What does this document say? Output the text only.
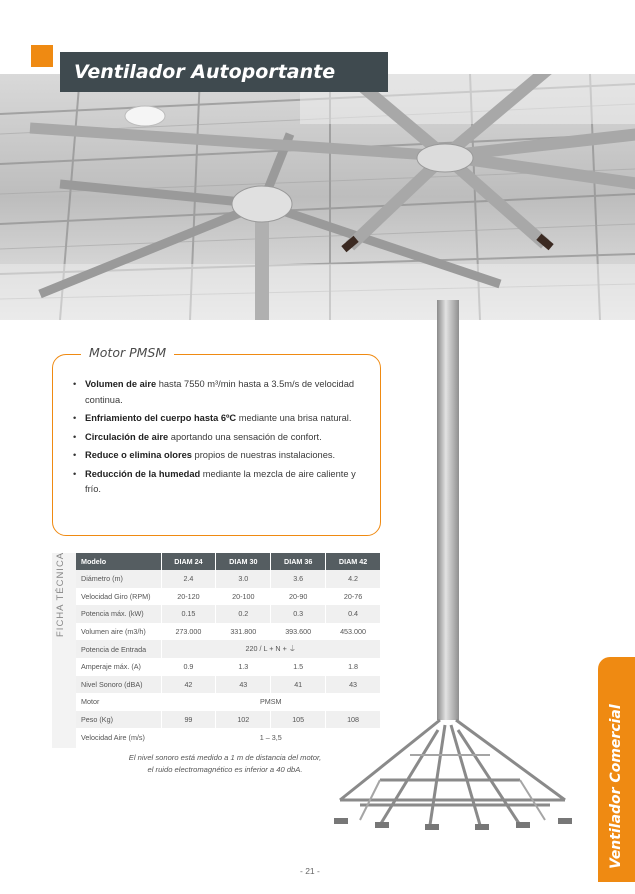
Ventilador Autoportante
Motor PMSM
• Volumen de aire hasta 7550 m³/min hasta a 3.5m/s de velocidad continua.
• Enfriamiento del cuerpo hasta 6ºC mediante una brisa natural.
• Circulación de aire aportando una sensación de confort.
• Reduce o elimina olores propios de nuestras instalaciones.
• Reducción de la humedad mediante la mezcla de aire caliente y frío.
FICHA TÉCNICA Modelo	DIAM 24	DIAM 30	DIAM 36	DIAM 42
Diámetro (m)	2.4	3.0	3.6	4.2
Velocidad Giro (RPM)	20-120	20-100	20-90	20-76
Potencia máx. (kW)	0.15	0.2	0.3	0.4
Volumen aire (m3/h)	273.000	331.800	393.600	453.000
Potencia de Entrada	220 / L + N + ⏚			
Amperaje máx. (A)	0.9	1.3	1.5	1.8
Nivel Sonoro (dBA)	42	43	41	43
Motor	PMSM			
Peso (Kg)	99	102	105	108
Velocidad Aire (m/s)	1 – 3,5			
El nivel sonoro está medido a 1 m de distancia del motor,
el ruido electromagnético es inferior a 40 dbA.	Ventilador Comercial
- 21 -
